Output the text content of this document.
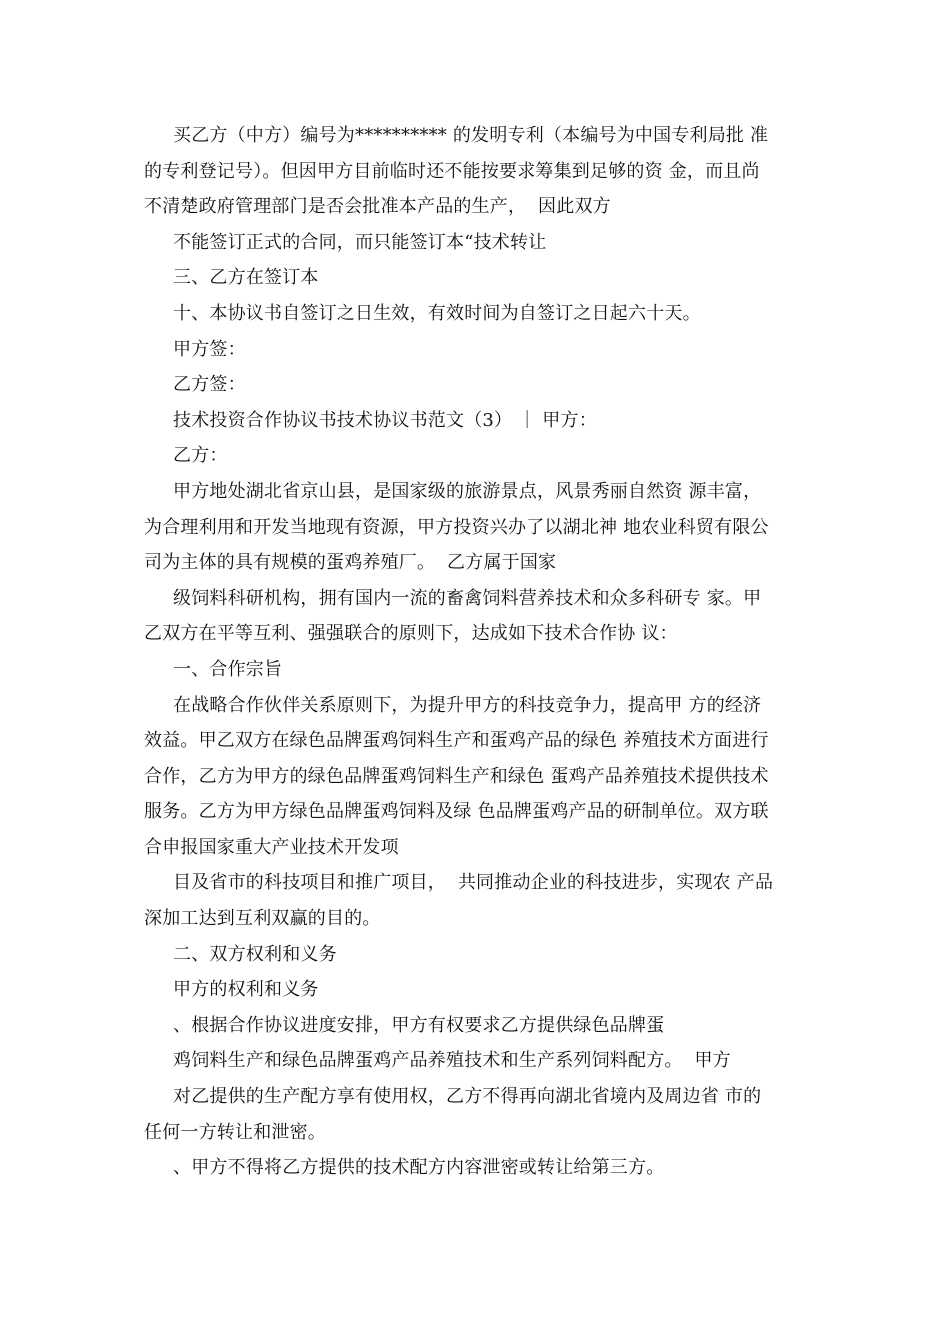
买乙方（中方）编号为********** 的发明专利（本编号为中国专利局批 准
的专利登记号）。但因甲方目前临时还不能按要求筹集到足够的资 金，而且尚
不清楚政府管理部门是否会批准本产品的生产，  因此双方
不能签订正式的合同，而只能签订本“技术转让
三、乙方在签订本
十、本协议书自签订之日生效，有效时间为自签订之日起六十天。
甲方签：
乙方签：
技术投资合作协议书技术协议书范文（3） ｜ 甲方：
乙方：
甲方地处湖北省京山县，是国家级的旅游景点，风景秀丽自然资 源丰富，
为合理利用和开发当地现有资源，甲方投资兴办了以湖北神 地农业科贸有限公
司为主体的具有规模的蛋鸡养殖厂。  乙方属于国家
级饲料科研机构，拥有国内一流的畜禽饲料营养技术和众多科研专 家。甲
乙双方在平等互利、强强联合的原则下，达成如下技术合作协 议：
一、合作宗旨
在战略合作伙伴关系原则下，为提升甲方的科技竞争力，提高甲 方的经济
效益。甲乙双方在绿色品牌蛋鸡饲料生产和蛋鸡产品的绿色 养殖技术方面进行
合作，乙方为甲方的绿色品牌蛋鸡饲料生产和绿色 蛋鸡产品养殖技术提供技术
服务。乙方为甲方绿色品牌蛋鸡饲料及绿 色品牌蛋鸡产品的研制单位。双方联
合申报国家重大产业技术开发项
目及省市的科技项目和推广项目，  共同推动企业的科技进步，实现农 产品
深加工达到互利双赢的目的。
二、双方权利和义务
甲方的权利和义务
、根据合作协议进度安排，甲方有权要求乙方提供绿色品牌蛋
鸡饲料生产和绿色品牌蛋鸡产品养殖技术和生产系列饲料配方。  甲方
对乙提供的生产配方享有使用权，乙方不得再向湖北省境内及周边省 市的
任何一方转让和泄密。
、甲方不得将乙方提供的技术配方内容泄密或转让给第三方。
